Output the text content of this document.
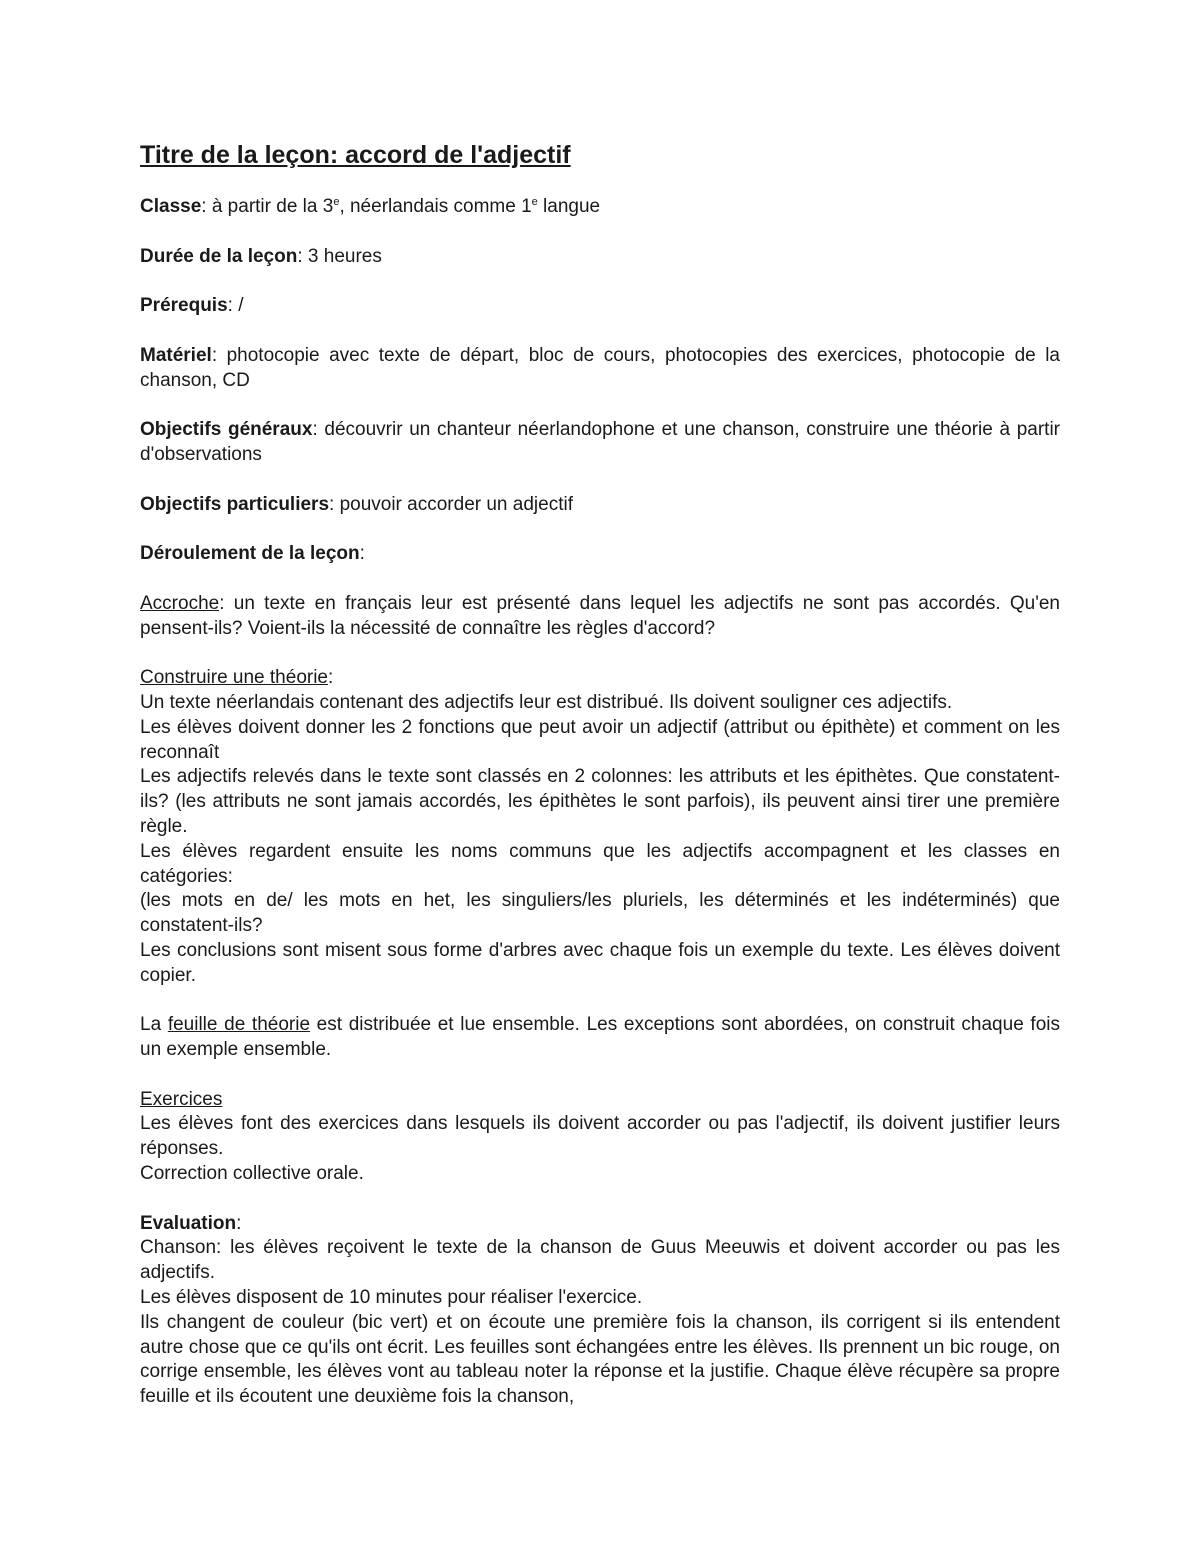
Titre de la leçon: accord de l'adjectif

Classe: à partir de la 3e, néerlandais comme 1e langue

Durée de la leçon: 3 heures

Préreq​uis: /

Matériel: photocopie avec texte de départ, bloc de cours, photocopies des exercices, photocopie de la chanson, CD

Objectifs généraux: découvrir un chanteur néerlandophone et une chanson, construire une théorie à partir d'observations

Objectifs particuliers: pouvoir accorder un adjectif

Déroulement de la leçon:

Accroche: un texte en français leur est présenté dans lequel les adjectifs ne sont pas accordés. Qu'en pensent-ils? Voient-ils la nécessité de connaître les règles d'accord?

Construire une théorie:

Un texte néerlandais contenant des adjectifs leur est distribué. Ils doivent souligner ces adjectifs.

Les élèves doivent donner les 2 fonctions que peut avoir un adjectif (attribut ou épithète) et comment on les reconnaît

Les adjectifs relevés dans le texte sont classés en 2 colonnes: les attributs et les épithètes. Que constatent-ils? (les attributs ne sont jamais accordés, les épithètes le sont parfois), ils peuvent ainsi tirer une première règle.

Les élèves regardent ensuite les noms communs que les adjectifs accompagnent et les classes en catégories:

(les mots en de/ les mots en het, les singuliers/les pluriels, les déterminés et les indéterminés) que constatent-ils?

Les conclusions sont misent sous forme d'arbres avec chaque fois un exemple du texte. Les élèves doivent copier.

La feuille de théorie est distribuée et lue ensemble. Les exceptions sont abordées, on construit chaque fois un exemple ensemble.

Exercices

Les élèves font des exercices dans lesquels ils doivent accorder ou pas l'adjectif, ils doivent justifier leurs réponses.

Correction collective orale.

Evaluation:

Chanson: les élèves reçoivent le texte de la chanson de Guus Meeuwis et doivent accorder ou pas les adjectifs.

Les élèves disposent de 10 minutes pour réaliser l'exercice.

Ils changent de couleur (bic vert) et on écoute une première fois la chanson, ils corrigent si ils entendent autre chose que ce qu'ils ont écrit. Les feuilles sont échangées entre les élèves. Ils prennent un bic rouge, on corrige ensemble, les élèves vont au tableau noter la réponse et la justifie. Chaque élève récupère sa propre feuille et ils écoutent une deuxième fois la chanson,
